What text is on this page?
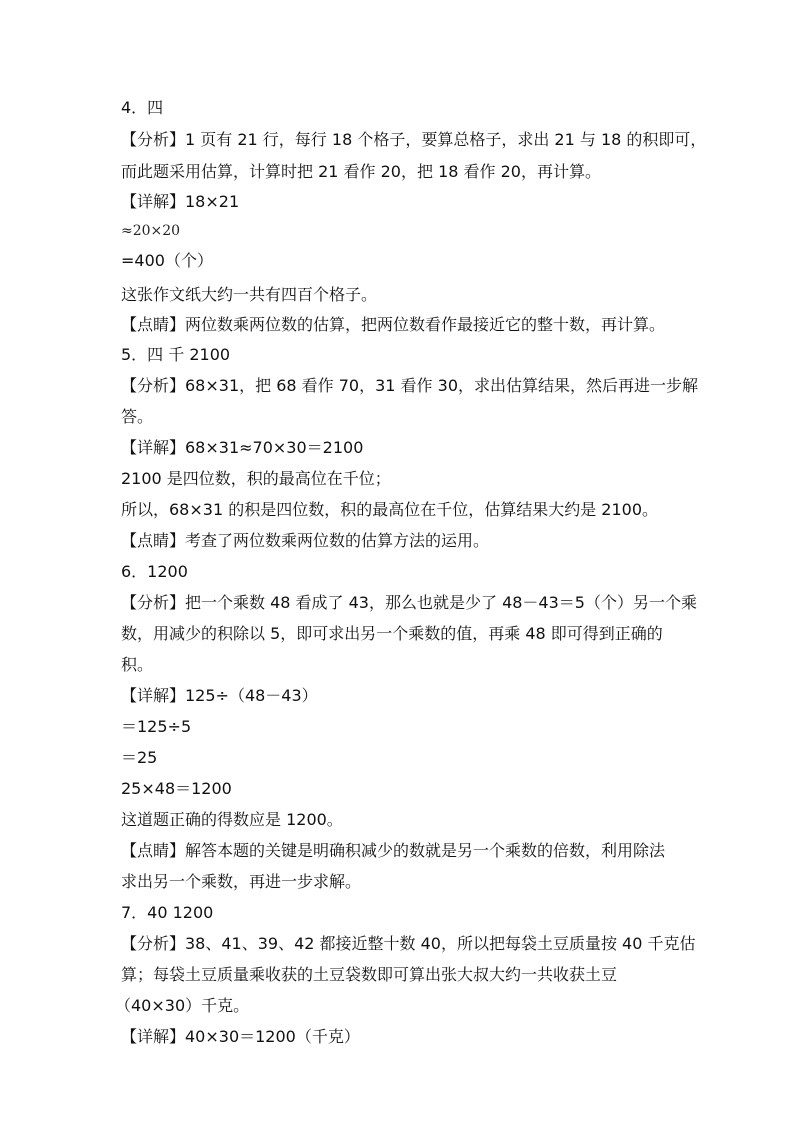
4．四
【分析】1 页有 21 行，每行 18 个格子，要算总格子，求出 21 与 18 的积即可，
而此题采用估算，计算时把 21 看作 20，把 18 看作 20，再计算。
【详解】18×21
≈20×20
=400（个）
这张作文纸大约一共有四百个格子。
【点睛】两位数乘两位数的估算，把两位数看作最接近它的整十数，再计算。
5．四 千 2100
【分析】68×31，把 68 看作 70，31 看作 30，求出估算结果，然后再进一步解
答。
【详解】68×31≈70×30＝2100
2100 是四位数，积的最高位在千位；
所以，68×31 的积是四位数，积的最高位在千位，估算结果大约是 2100。
【点睛】考查了两位数乘两位数的估算方法的运用。
6．1200
【分析】把一个乘数 48 看成了 43，那么也就是少了 48－43＝5（个）另一个乘
数，用减少的积除以 5，即可求出另一个乘数的值，再乘 48 即可得到正确的
积。
【详解】125÷（48－43）
＝125÷5
＝25
25×48＝1200
这道题正确的得数应是 1200。
【点睛】解答本题的关键是明确积减少的数就是另一个乘数的倍数，利用除法
求出另一个乘数，再进一步求解。
7．40 1200
【分析】38、41、39、42 都接近整十数 40，所以把每袋土豆质量按 40 千克估
算；每袋土豆质量乘收获的土豆袋数即可算出张大叔大约一共收获土豆
（40×30）千克。
【详解】40×30＝1200（千克）
